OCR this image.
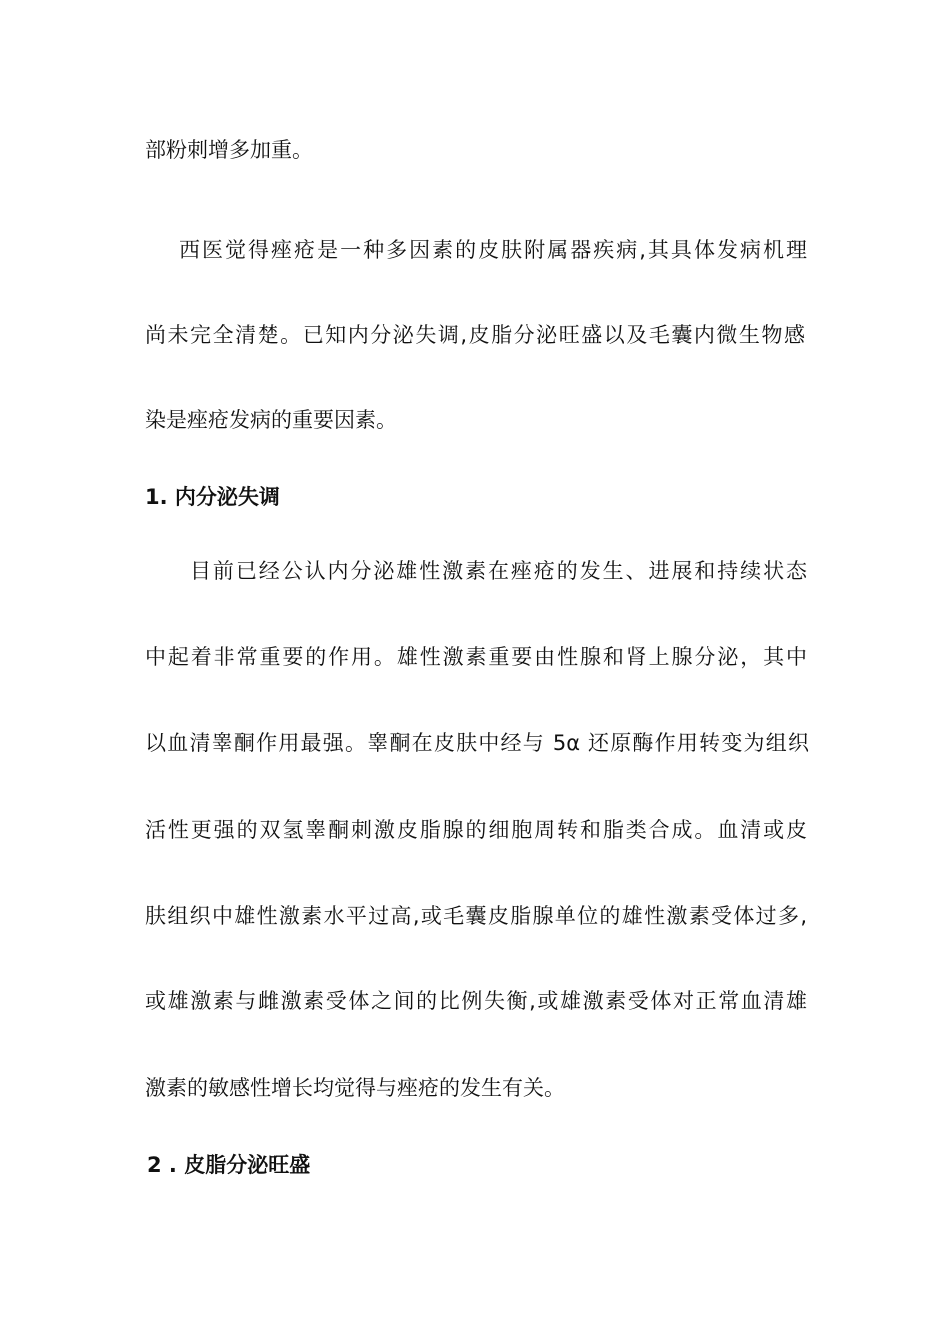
部粉刺增多加重。
西医觉得痤疮是一种多因素的皮肤附属器疾病,其具体发病机理
尚未完全清楚。已知内分泌失调,皮脂分泌旺盛以及毛囊内微生物感
染是痤疮发病的重要因素。
1. 内分泌失调
目前已经公认内分泌雄性激素在痤疮的发生、进展和持续状态
中起着非常重要的作用。雄性激素重要由性腺和肾上腺分泌，其中
以血清睾酮作用最强。睾酮在皮肤中经与 5α 还原酶作用转变为组织
活性更强的双氢睾酮刺激皮脂腺的细胞周转和脂类合成。血清或皮
肤组织中雄性激素水平过高,或毛囊皮脂腺单位的雄性激素受体过多,
或雄激素与雌激素受体之间的比例失衡,或雄激素受体对正常血清雄
激素的敏感性增长均觉得与痤疮的发生有关。
2 . 皮脂分泌旺盛
